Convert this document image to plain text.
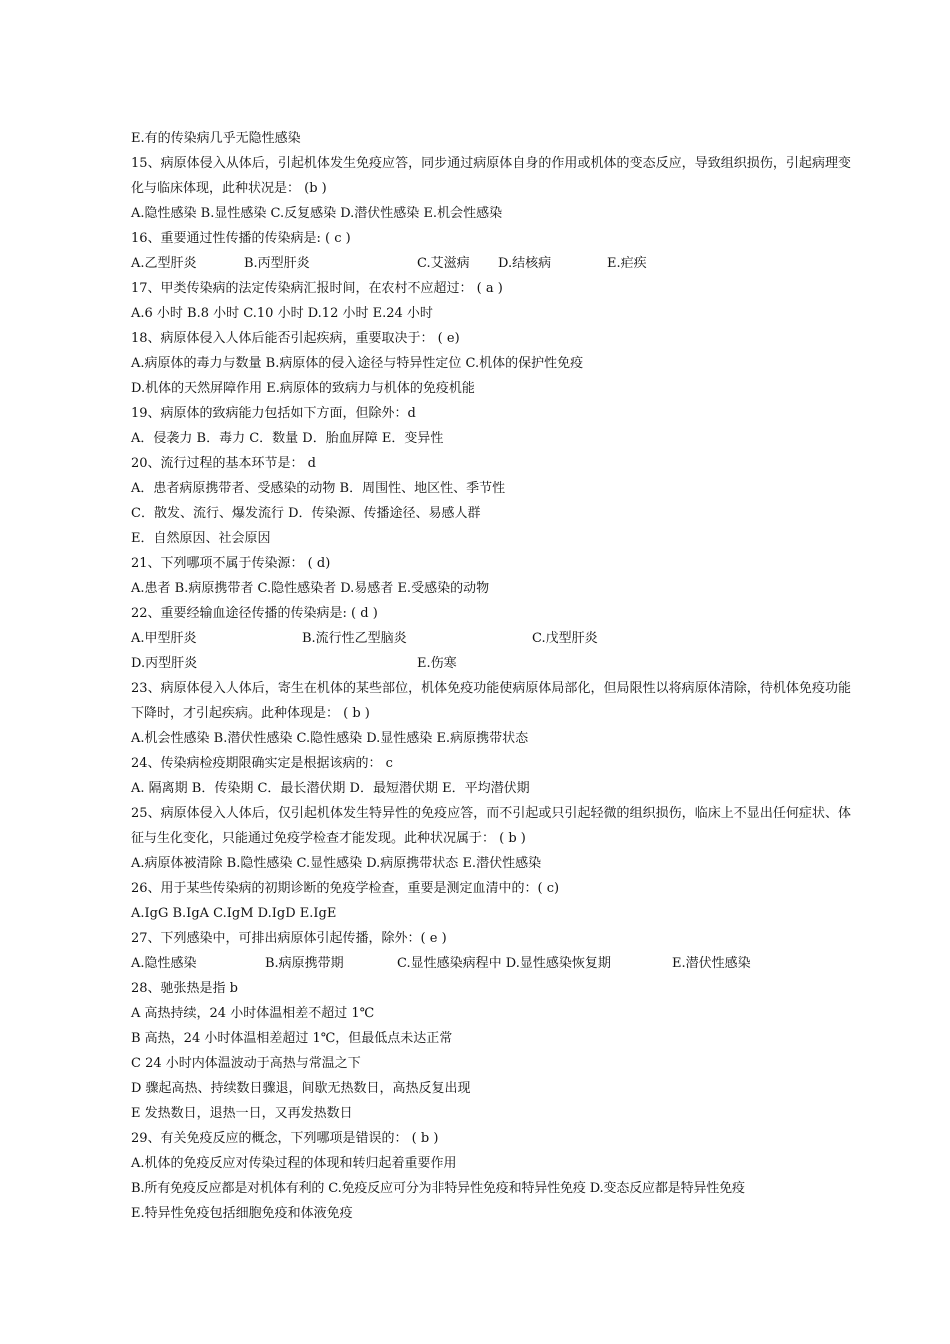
E.有的传染病几乎无隐性感染
15、病原体侵入从体后，引起机体发生免疫应答，同步通过病原体自身的作用或机体的变态反应，导致组织损伤，引起病理变化与临床体现，此种状况是： (b )
A.隐性感染 B.显性感染 C.反复感染 D.潜伏性感染 E.机会性感染
16、重要通过性传播的传染病是: ( c )
A.乙型肝炎	B.丙型肝炎	C.艾滋病 D.结核病	E.疟疾
17、甲类传染病的法定传染病汇报时间，在农村不应超过： ( a )
A.6 小时 B.8 小时 C.10 小时 D.12 小时 E.24 小时
18、病原体侵入人体后能否引起疾病，重要取决于： ( e)
A.病原体的毒力与数量 B.病原体的侵入途径与特异性定位 C.机体的保护性免疫
D.机体的天然屏障作用 E.病原体的致病力与机体的免疫机能
19、病原体的致病能力包括如下方面，但除外：d
A．侵袭力 B．毒力 C．数量 D．胎血屏障 E．变异性
20、流行过程的基本环节是： d
A．患者病原携带者、受感染的动物 B．周围性、地区性、季节性
C．散发、流行、爆发流行 D．传染源、传播途径、易感人群
E．自然原因、社会原因
21、下列哪项不属于传染源： ( d)
A.患者 B.病原携带者 C.隐性感染者 D.易感者 E.受感染的动物
22、重要经输血途径传播的传染病是: ( d )
A.甲型肝炎	B.流行性乙型脑炎	C.戊型肝炎
D.丙型肝炎	E.伤寒
23、病原体侵入人体后，寄生在机体的某些部位，机体免疫功能使病原体局部化，但局限性以将病原体清除，待机体免疫功能下降时，才引起疾病。此种体现是： ( b )
A.机会性感染 B.潜伏性感染 C.隐性感染 D.显性感染 E.病原携带状态
24、传染病检疫期限确实定是根据该病的： c
A. 隔离期 B．传染期 C．最长潜伏期 D．最短潜伏期 E．平均潜伏期
25、病原体侵入人体后，仅引起机体发生特异性的免疫应答，而不引起或只引起轻微的组织损伤，临床上不显出任何症状、体征与生化变化，只能通过免疫学检查才能发现。此种状况属于： ( b )
A.病原体被清除 B.隐性感染 C.显性感染 D.病原携带状态 E.潜伏性感染
26、用于某些传染病的初期诊断的免疫学检查，重要是测定血清中的：( c)
A.IgG B.IgA C.IgM D.IgD E.IgE
27、下列感染中，可排出病原体引起传播，除外：( e )
A.隐性感染	B.病原携带期	C.显性感染病程中 D.显性感染恢复期	E.潜伏性感染
28、驰张热是指 b
A 高热持续，24 小时体温相差不超过 1℃
B 高热，24 小时体温相差超过 1℃，但最低点未达正常
C 24 小时内体温波动于高热与常温之下
D 骤起高热、持续数日骤退，间歇无热数日，高热反复出现
E 发热数日，退热一日，又再发热数日
29、有关免疫反应的概念，下列哪项是错误的： ( b )
A.机体的免疫反应对传染过程的体现和转归起着重要作用
B.所有免疫反应都是对机体有利的 C.免疫反应可分为非特异性免疫和特异性免疫 D.变态反应都是特异性免疫
E.特异性免疫包括细胞免疫和体液免疫
